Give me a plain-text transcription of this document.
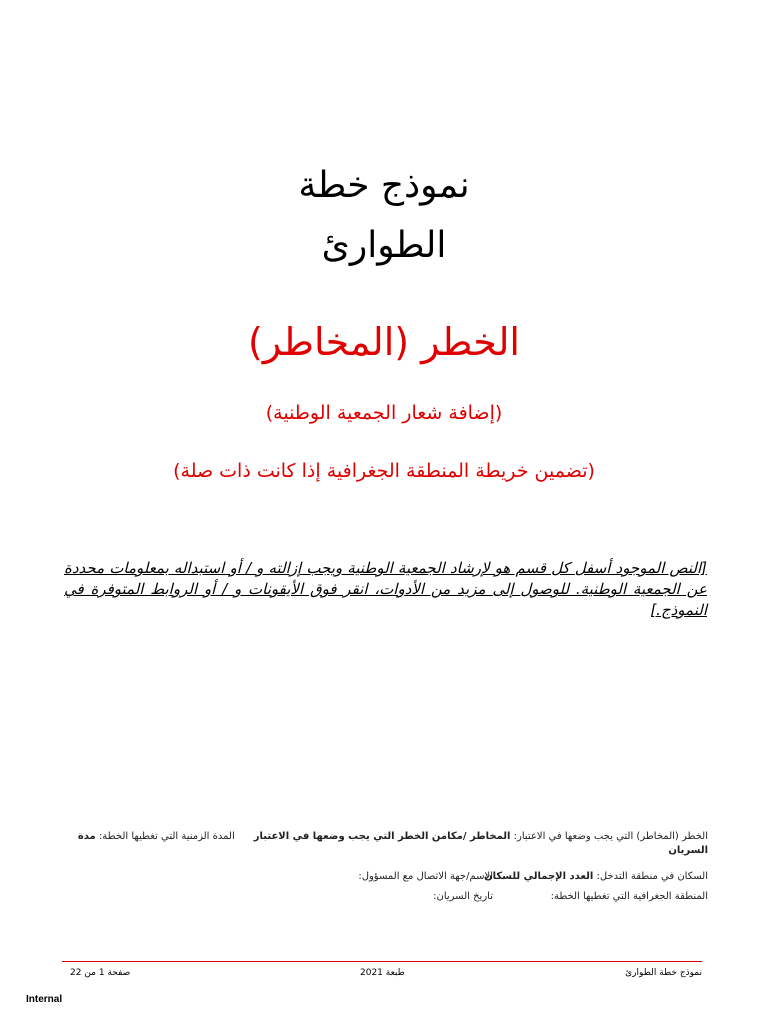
نموذج خطة
الطوارئ
الخطر (المخاطر)
(إضافة شعار الجمعية الوطنية)
(تضمين خريطة المنطقة الجغرافية إذا كانت ذات صلة)
[النص الموجود أسفل كل قسم هو لإرشاد الجمعية الوطنية ويجب إزالته و / أو استبداله بمعلومات محددة عن الجمعية الوطنية. للوصول إلى مزيد من الأدوات، انقر فوق الأيقونات و / أو الروابط المتوفرة في النموذج.]
الخطر (المخاطر) التي يجب وضعها في الاعتبار: المخاطر /مكامن الخطر التي يجب وضعها في الاعتبار      المدة الزمنية التي تغطيها الخطة: مدة السريان
السكان في منطقة التدخل: العدد الإجمالي للسكان
الاسم/جهة الاتصال مع المسؤول:
المنطقة الجغرافية التي تغطيها الخطة:
تاريخ السريان:
نموذج خطة الطوارئ
طبعة 2021
صفحة 1 من 22
Internal
